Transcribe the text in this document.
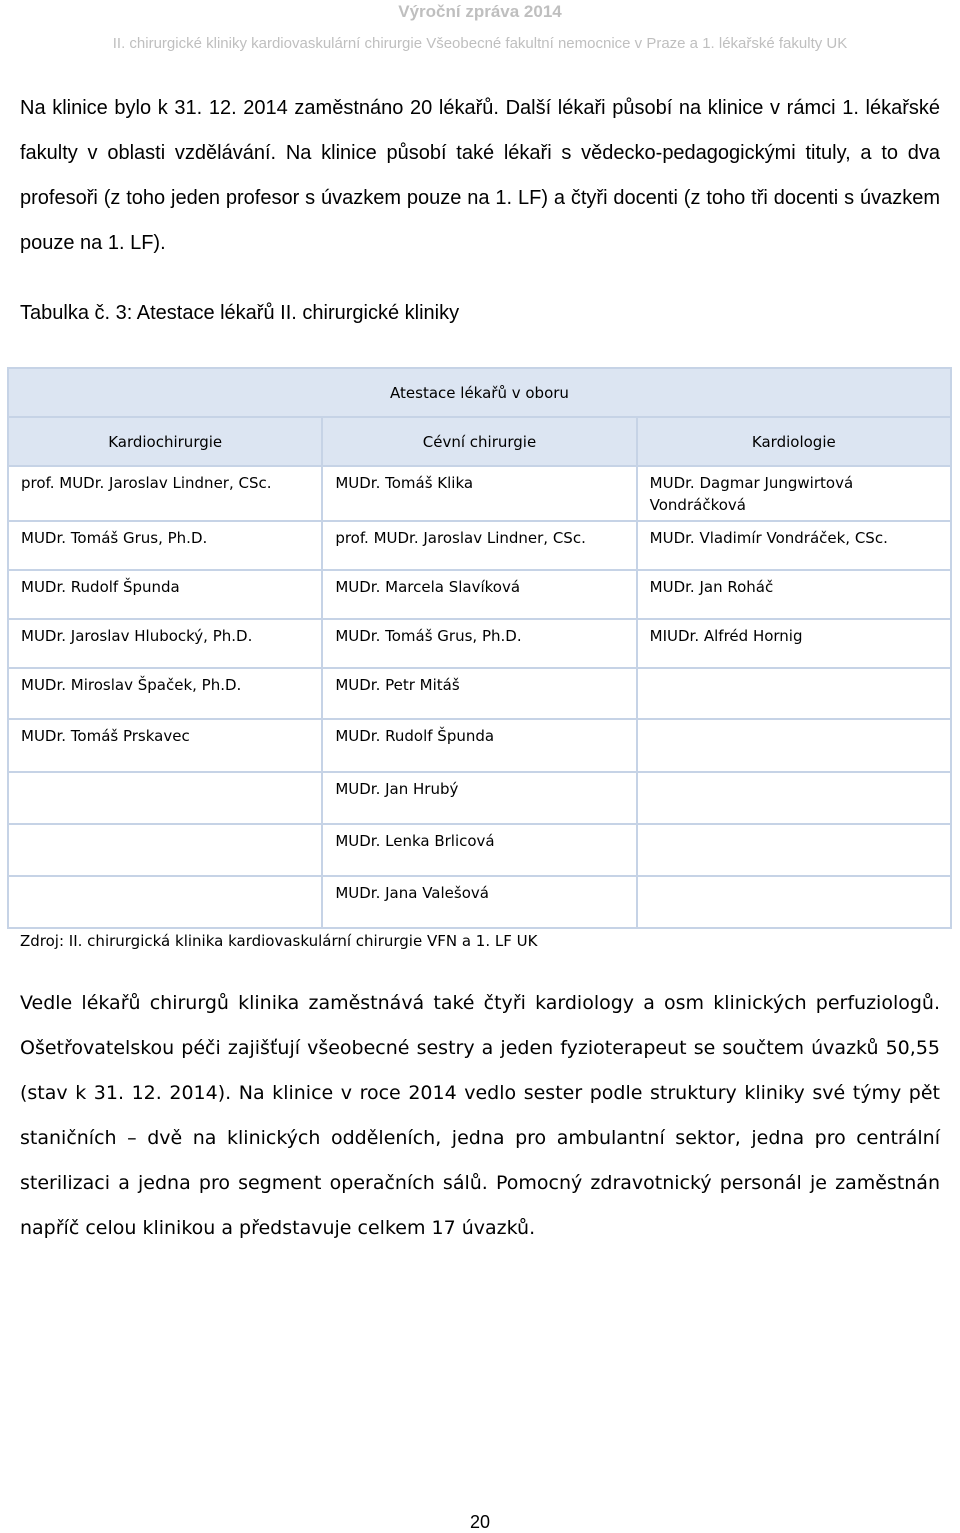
Výroční zpráva 2014
II. chirurgické kliniky kardiovaskulární chirurgie Všeobecné fakultní nemocnice v Praze a 1. lékařské fakulty UK
Na klinice bylo k 31. 12. 2014 zaměstnáno 20 lékařů. Další lékaři působí na klinice v rámci 1. lékařské fakulty v oblasti vzdělávání. Na klinice působí také lékaři s vědecko-pedagogickými tituly, a to dva profesoři (z toho jeden profesor s úvazkem pouze na 1. LF) a čtyři docenti (z toho tři docenti s úvazkem pouze na 1. LF).
Tabulka č. 3: Atestace lékařů II. chirurgické kliniky
Atestace lékařů v oboru		
Kardiochirurgie	Cévní chirurgie	Kardiologie
prof. MUDr. Jaroslav Lindner, CSc.	MUDr. Tomáš Klika	MUDr. Dagmar Jungwirtová Vondráčková
MUDr. Tomáš Grus, Ph.D.	prof. MUDr. Jaroslav Lindner, CSc.	MUDr. Vladimír Vondráček, CSc.
MUDr. Rudolf Špunda	MUDr. Marcela Slavíková	MUDr. Jan Roháč
MUDr. Jaroslav Hlubocký, Ph.D.	MUDr. Tomáš Grus, Ph.D.	MIUDr. Alfréd Hornig
MUDr. Miroslav Špaček, Ph.D.	MUDr. Petr Mitáš	
MUDr. Tomáš Prskavec	MUDr. Rudolf Špunda	
	MUDr. Jan Hrubý	
	MUDr. Lenka Brlicová	
	MUDr. Jana Valešová	
Zdroj: II. chirurgická klinika kardiovaskulární chirurgie VFN a 1. LF UK
Vedle lékařů chirurgů klinika zaměstnává také čtyři kardiology a osm klinických perfuziologů. Ošetřovatelskou péči zajišťují všeobecné sestry a jeden fyzioterapeut se součtem úvazků 50,55 (stav k 31. 12. 2014). Na klinice v roce 2014 vedlo sester podle struktury kliniky své týmy pět staničních – dvě na klinických odděleních, jedna pro ambulantní sektor, jedna pro centrální sterilizaci a jedna pro segment operačních sálů. Pomocný zdravotnický personál je zaměstnán napříč celou klinikou a představuje celkem 17 úvazků.
20
